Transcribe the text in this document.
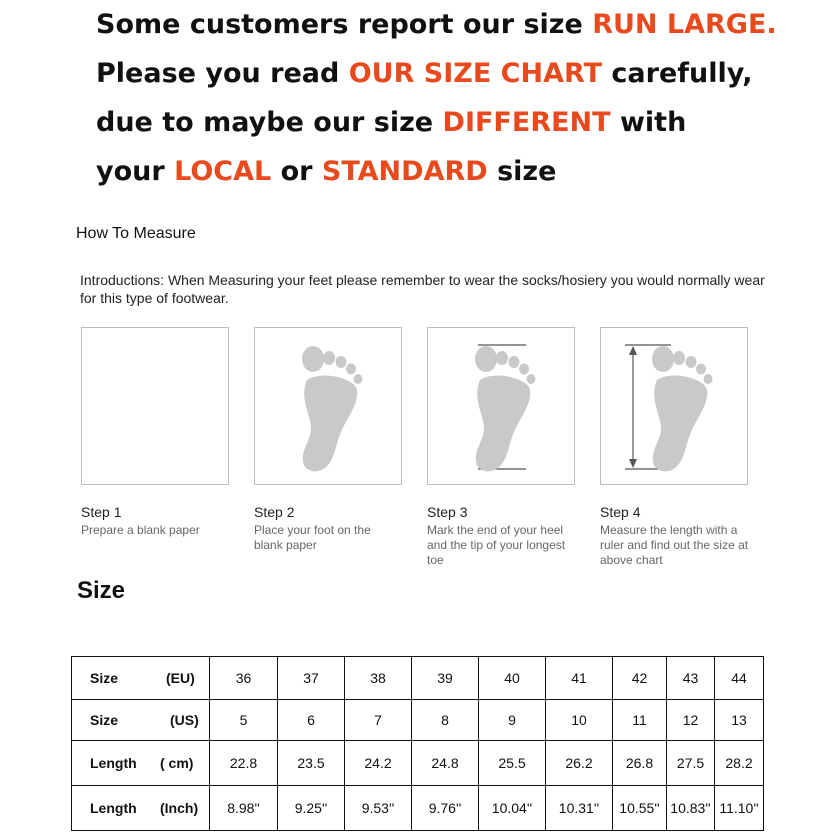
Some customers report our size RUN LARGE.
Please you read OUR SIZE CHART carefully,
due to maybe our size DIFFERENT with
your LOCAL or STANDARD size
How To Measure
Introductions: When Measuring your feet please remember to wear the socks/hosiery you would normally wear for this type of footwear.
Step 1
Prepare a blank paper
Step 2
Place your foot on the blank paper
Step 3
Mark the end of your heel and the tip of your longest toe
Step 4
Measure the length with a ruler and find out the size at above chart
Size
Size (EU)	36	37	38	39	40	41	42	43	44

Size (US)	5	6	7	8	9	10	11	12	13

Length ( cm)	22.8	23.5	24.2	24.8	25.5	26.2	26.8	27.5	28.2

Length (Inch)	8.98''	9.25''	9.53''	9.76''	10.04''	10.31''	10.55''	10.83''	11.10''
